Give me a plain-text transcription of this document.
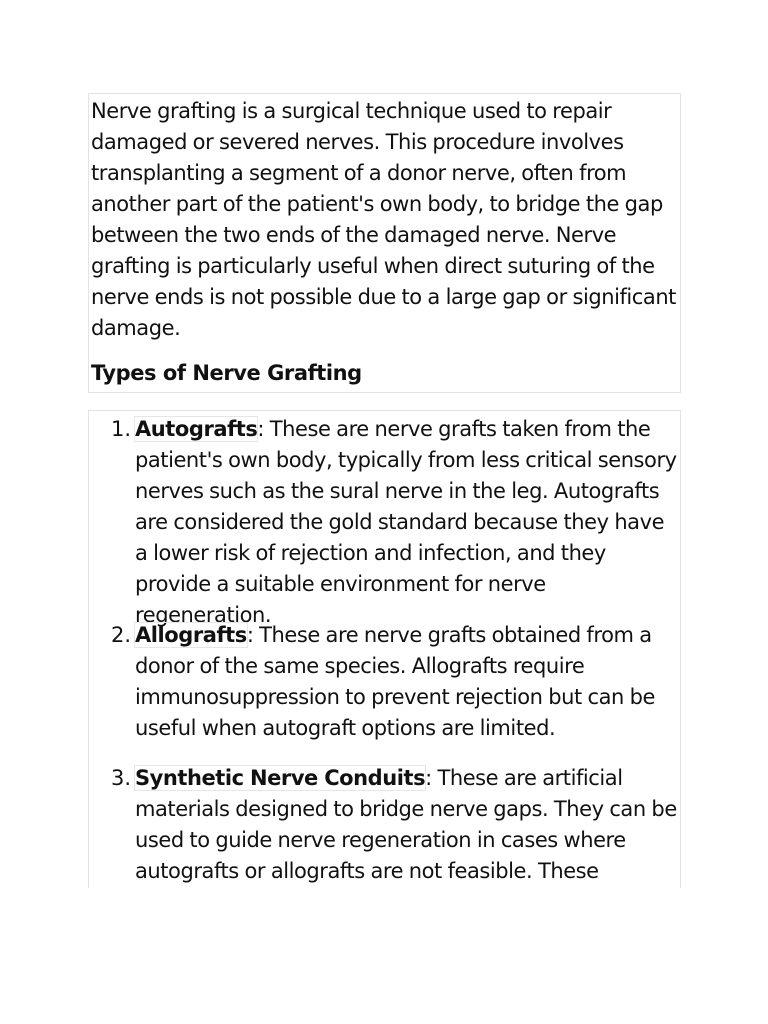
Nerve grafting is a surgical technique used to repair damaged or severed nerves. This procedure involves transplanting a segment of a donor nerve, often from another part of the patient's own body, to bridge the gap between the two ends of the damaged nerve. Nerve grafting is particularly useful when direct suturing of the nerve ends is not possible due to a large gap or significant damage.

Types of Nerve Grafting
1. Autografts: These are nerve grafts taken from the patient's own body, typically from less critical sensory nerves such as the sural nerve in the leg. Autografts are considered the gold standard because they have a lower risk of rejection and infection, and they provide a suitable environment for nerve regeneration.

2. Allografts: These are nerve grafts obtained from a donor of the same species. Allografts require immunosuppression to prevent rejection but can be useful when autograft options are limited.

3. Synthetic Nerve Conduits: These are artificial materials designed to bridge nerve gaps. They can be used to guide nerve regeneration in cases where autografts or allografts are not feasible. These
